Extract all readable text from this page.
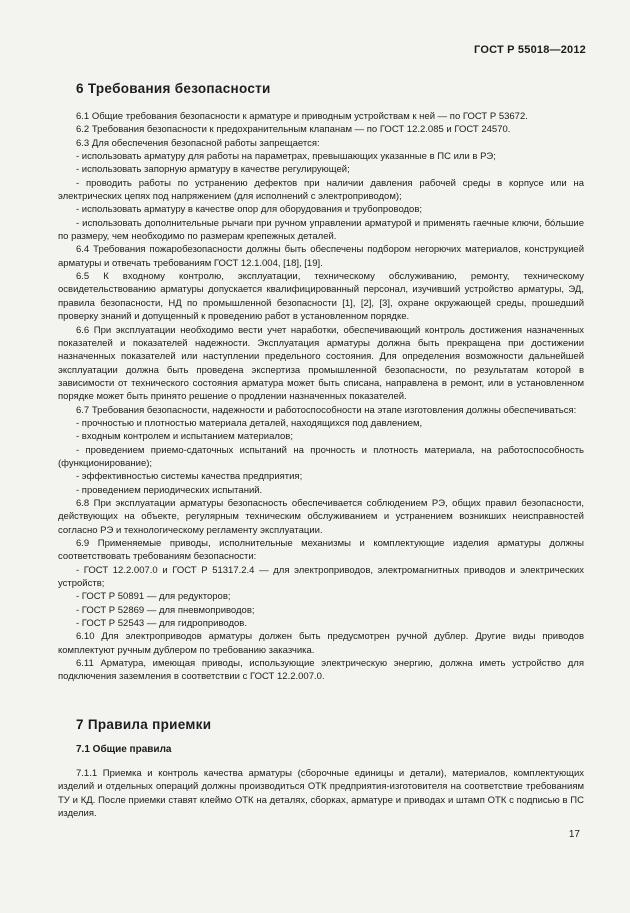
ГОСТ Р 55018—2012
6 Требования безопасности

6.1 Общие требования безопасности к арматуре и приводным устройствам к ней — по ГОСТ Р 53672.

6.2 Требования безопасности к предохранительным клапанам — по ГОСТ 12.2.085 и ГОСТ 24570.

6.3 Для обеспечения безопасной работы запрещается:

- использовать арматуру для работы на параметрах, превышающих указанные в ПС или в РЭ;

- использовать запорную арматуру в качестве регулирующей;

- проводить работы по устранению дефектов при наличии давления рабочей среды в корпусе или на электрических цепях под напряжением (для исполнений с электроприводом);

- использовать арматуру в качестве опор для оборудования и трубопроводов;

- использовать дополнительные рычаги при ручном управлении арматурой и применять гаечные ключи, бóльшие по размеру, чем необходимо по размерам крепежных деталей.

6.4 Требования пожаробезопасности должны быть обеспечены подбором негорючих материалов, конструкцией арматуры и отвечать требованиям ГОСТ 12.1.004, [18], [19].

6.5 К входному контролю, эксплуатации, техническому обслуживанию, ремонту, техническому освидетельствованию арматуры допускается квалифицированный персонал, изучивший устройство арматуры, ЭД, правила безопасности, НД по промышленной безопасности [1], [2], [3], охране окружающей среды, прошедший проверку знаний и допущенный к проведению работ в установленном порядке.

6.6 При эксплуатации необходимо вести учет наработки, обеспечивающий контроль достижения назначенных показателей и показателей надежности. Эксплуатация арматуры должна быть прекращена при достижении назначенных показателей или наступлении предельного состояния. Для определения возможности дальнейшей эксплуатации должна быть проведена экспертиза промышленной безопасности, по результатам которой в зависимости от технического состояния арматура может быть списана, направлена в ремонт, или в установленном порядке может быть принято решение о продлении назначенных показателей.

6.7 Требования безопасности, надежности и работоспособности на этапе изготовления должны обеспечиваться:

- прочностью и плотностью материала деталей, находящихся под давлением,

- входным контролем и испытанием материалов;

- проведением приемо-сдаточных испытаний на прочность и плотность материала, на работоспособность (функционирование);

- эффективностью системы качества предприятия;

- проведением периодических испытаний.

6.8 При эксплуатации арматуры безопасность обеспечивается соблюдением РЭ, общих правил безопасности, действующих на объекте, регулярным техническим обслуживанием и устранением возникших неисправностей согласно РЭ и технологическому регламенту эксплуатации.

6.9 Применяемые приводы, исполнительные механизмы и комплектующие изделия арматуры должны соответствовать требованиям безопасности:

- ГОСТ 12.2.007.0 и ГОСТ Р 51317.2.4 — для электроприводов, электромагнитных приводов и электрических устройств;

- ГОСТ Р 50891 — для редукторов;

- ГОСТ Р 52869 — для пневмоприводов;

- ГОСТ Р 52543 — для гидроприводов.

6.10 Для электроприводов арматуры должен быть предусмотрен ручной дублер. Другие виды приводов комплектуют ручным дублером по требованию заказчика.

6.11 Арматура, имеющая приводы, использующие электрическую энергию, должна иметь устройство для подключения заземления в соответствии с ГОСТ 12.2.007.0.

7 Правила приемки
7.1 Общие правила

7.1.1 Приемка и контроль качества арматуры (сборочные единицы и детали), материалов, комплектующих изделий и отдельных операций должны производиться ОТК предприятия-изготовителя на соответствие требованиям ТУ и КД. После приемки ставят клеймо ОТК на деталях, сборках, арматуре и приводах и штамп ОТК с подписью в ПС изделия.

17
